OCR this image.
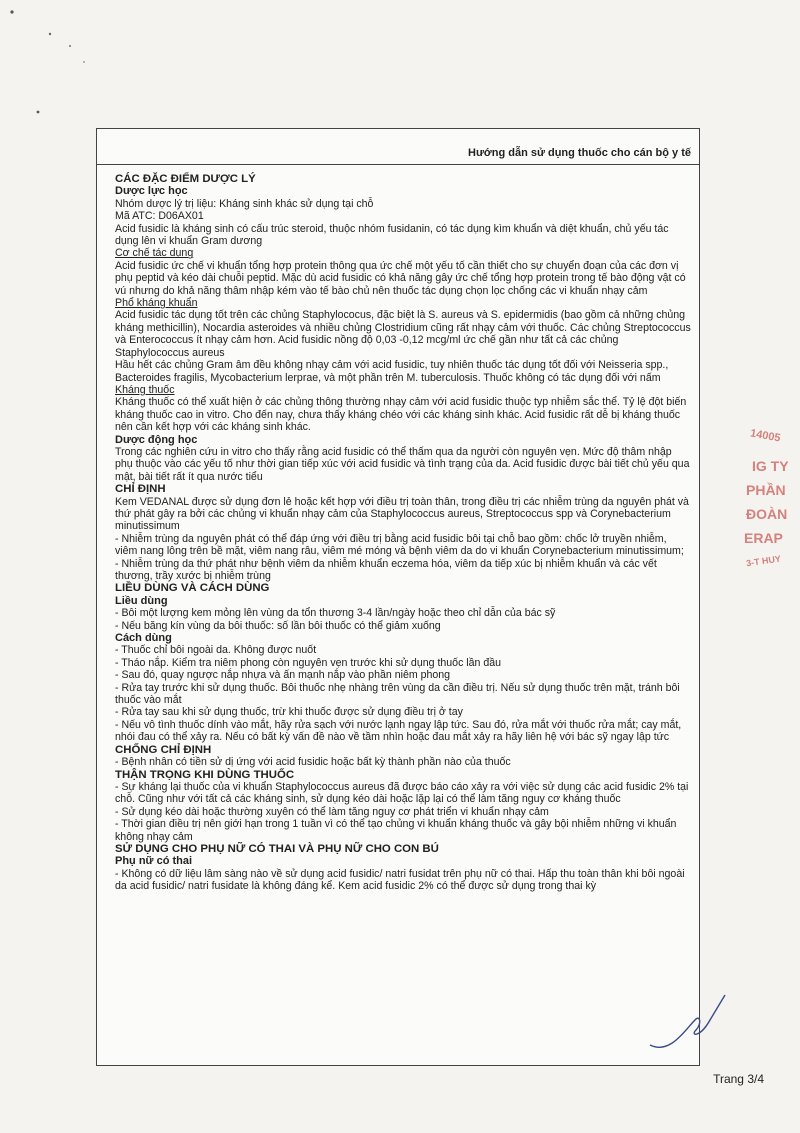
Hướng dẫn sử dụng thuốc cho cán bộ y tế

CÁC ĐẶC ĐIỂM DƯỢC LÝ

Dược lực học

Nhóm dược lý trị liệu: Kháng sinh khác sử dụng tại chỗ

Mã ATC: D06AX01

Acid fusidic là kháng sinh có cấu trúc steroid, thuộc nhóm fusidanin, có tác dụng kìm khuẩn và diệt khuẩn, chủ yếu tác dụng lên vi khuẩn Gram dương

Cơ chế tác dụng

Acid fusidic ức chế vi khuẩn tổng hợp protein thông qua ức chế một yếu tố cần thiết cho sự chuyển đoạn của các đơn vị phụ peptid và kéo dài chuỗi peptid. Mặc dù acid fusidic có khả năng gây ức chế tổng hợp protein trong tế bào động vật có vú nhưng do khả năng thâm nhập kém vào tế bào chủ nên thuốc tác dụng chọn lọc chống các vi khuẩn nhạy cảm

Phổ kháng khuẩn

Acid fusidic tác dụng tốt trên các chủng Staphylococus, đặc biệt là S. aureus và S. epidermidis (bao gồm cả những chủng kháng methicillin), Nocardia asteroides và nhiều chủng Clostridium cũng rất nhạy cảm với thuốc. Các chủng Streptococcus và Enterococcus ít nhạy cảm hơn. Acid fusidic nồng độ 0,03 -0,12 mcg/ml ức chế gần như tất cả các chủng Staphylococcus aureus

Hầu hết các chủng Gram âm đều không nhạy cảm với acid fusidic, tuy nhiên thuốc tác dụng tốt đối với Neisseria spp., Bacteroides fragilis, Mycobacterium lerprae, và một phần trên M. tuberculosis. Thuốc không có tác dụng đối với nấm

Kháng thuốc

Kháng thuốc có thể xuất hiện ở các chủng thông thường nhạy cảm với acid fusidic thuộc typ nhiễm sắc thể. Tỷ lệ đột biến kháng thuốc cao in vitro. Cho đến nay, chưa thấy kháng chéo với các kháng sinh khác. Acid fusidic rất dễ bị kháng thuốc nên cần kết hợp với các kháng sinh khác.

Dược động học

Trong các nghiên cứu in vitro cho thấy rằng acid fusidic có thể thấm qua da người còn nguyên vẹn. Mức độ thâm nhập phụ thuộc vào các yếu tố như thời gian tiếp xúc với acid fusidic và tình trạng của da. Acid fusidic được bài tiết chủ yếu qua mật, bài tiết rất ít qua nước tiểu

CHỈ ĐỊNH

Kem VEDANAL được sử dụng đơn lẻ hoặc kết hợp với điều trị toàn thân, trong điều trị các nhiễm trùng da nguyên phát và thứ phát gây ra bởi các chủng vi khuẩn nhạy cảm của Staphylococcus aureus, Streptococcus spp và Corynebacterium minutissimum

- Nhiễm trùng da nguyên phát có thể đáp ứng với điều trị bằng acid fusidic bôi tại chỗ bao gồm: chốc lở truyền nhiễm, viêm nang lông trên bề mặt, viêm nang râu, viêm mé móng và bệnh viêm da do vi khuẩn Corynebacterium minutissimum;

- Nhiễm trùng da thứ phát như bệnh viêm da nhiễm khuẩn eczema hóa, viêm da tiếp xúc bị nhiễm khuẩn và các vết thương, trầy xước bị nhiễm trùng

LIỀU DÙNG VÀ CÁCH DÙNG

Liều dùng

- Bôi một lượng kem mỏng lên vùng da tổn thương 3-4 lần/ngày hoặc theo chỉ dẫn của bác sỹ

- Nếu băng kín vùng da bôi thuốc: số lần bôi thuốc có thể giảm xuống

Cách dùng

- Thuốc chỉ bôi ngoài da. Không được nuốt

- Tháo nắp. Kiểm tra niêm phong còn nguyên vẹn trước khi sử dụng thuốc lần đầu

- Sau đó, quay ngược nắp nhựa và ấn mạnh nắp vào phần niêm phong

- Rửa tay trước khi sử dụng thuốc. Bôi thuốc nhẹ nhàng trên vùng da cần điều trị. Nếu sử dụng thuốc trên mặt, tránh bôi thuốc vào mắt

- Rửa tay sau khi sử dụng thuốc, trừ khi thuốc được sử dụng điều trị ở tay

- Nếu vô tình thuốc dính vào mắt, hãy rửa sạch với nước lạnh ngay lập tức. Sau đó, rửa mắt với thuốc rửa mắt; cay mắt, nhói đau có thể xảy ra. Nếu có bất kỳ vấn đề nào về tầm nhìn hoặc đau mắt xảy ra hãy liên hệ với bác sỹ ngay lập tức

CHỐNG CHỈ ĐỊNH

- Bệnh nhân có tiền sử dị ứng với acid fusidic hoặc bất kỳ thành phần nào của thuốc

THẬN TRỌNG KHI DÙNG THUỐC

- Sự kháng lại thuốc của vi khuẩn Staphylococcus aureus đã được báo cáo xảy ra với việc sử dụng các acid fusidic 2% tại chỗ. Cũng như với tất cả các kháng sinh, sử dụng kéo dài hoặc lặp lại có thể làm tăng nguy cơ kháng thuốc

- Sử dụng kéo dài hoặc thường xuyên có thể làm tăng nguy cơ phát triển vi khuẩn nhạy cảm

- Thời gian điều trị nên giới hạn trong 1 tuần vì có thể tạo chủng vi khuẩn kháng thuốc và gây bội nhiễm những vi khuẩn không nhạy cảm

SỬ DỤNG CHO PHỤ NỮ CÓ THAI VÀ PHỤ NỮ CHO CON BÚ

Phụ nữ có thai

- Không có dữ liệu lâm sàng nào về sử dụng acid fusidic/ natri fusidat trên phụ nữ có thai. Hấp thu toàn thân khi bôi ngoài da acid fusidic/ natri fusidate là không đáng kể. Kem acid fusidic 2% có thể được sử dụng trong thai kỳ

14005
IG TY
PHẦN
ĐOÀN
ERAP
3-T HUY
Trang 3/4
